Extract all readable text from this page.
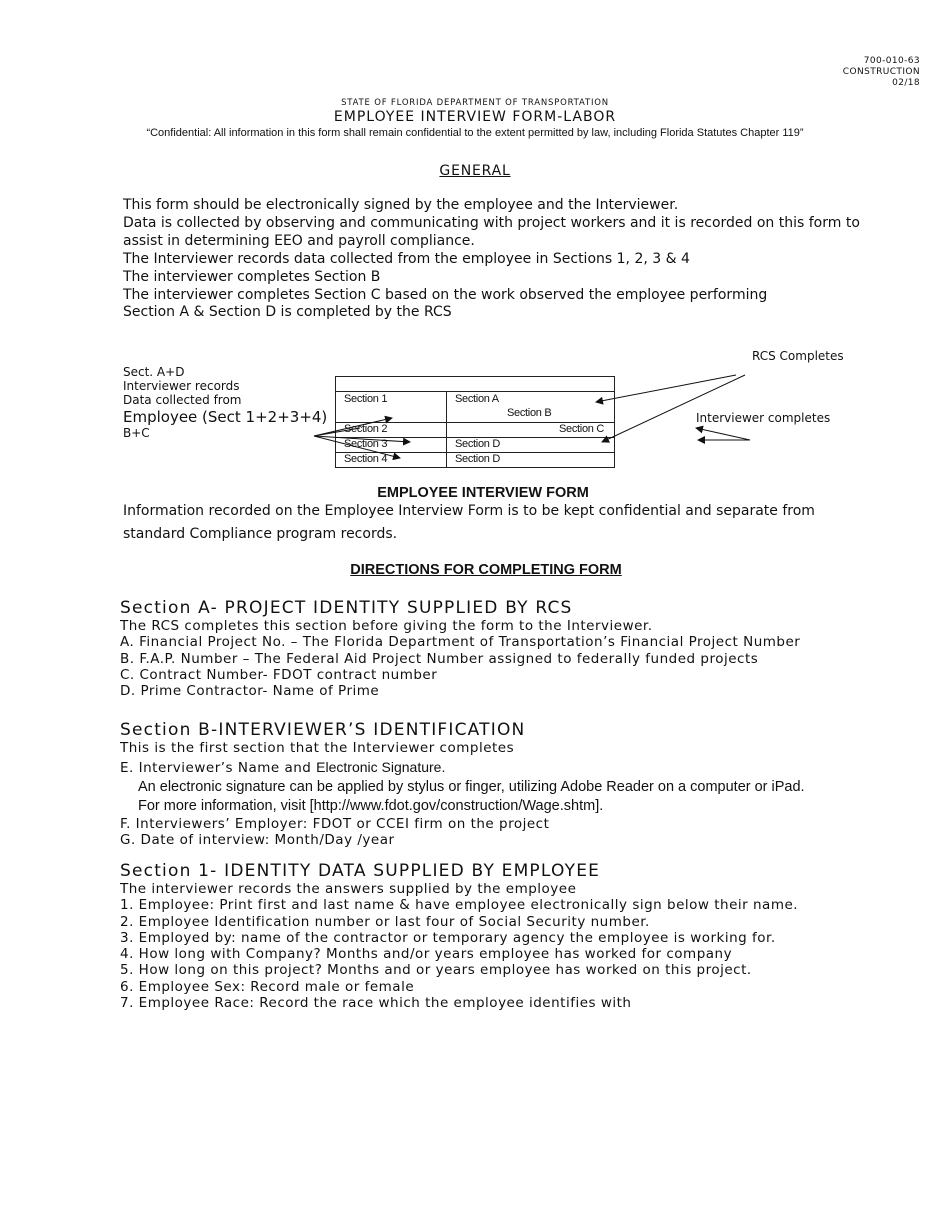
700-010-63
CONSTRUCTION
02/18
STATE OF FLORIDA DEPARTMENT OF TRANSPORTATION
EMPLOYEE INTERVIEW FORM-LABOR
“Confidential: All information in this form shall remain confidential to the extent permitted by law, including Florida Statutes Chapter 119”
GENERAL
This form should be electronically signed by the employee and the Interviewer.
Data is collected by observing and communicating with project workers and it is recorded on this form to
assist in determining EEO and payroll compliance.
The Interviewer records data collected from the employee in Sections 1, 2, 3 & 4
The interviewer completes Section B
The interviewer completes Section C based on the work observed the employee performing
Section A & Section D is completed by the RCS
Sect. A+D
Interviewer records
Data collected from
Employee (Sect 1+2+3+4)
B+C
RCS Completes
Interviewer completes
Section 1	Section A
Section B
Section 2	Section C
Section 3	Section D
Section 4	Section D
EMPLOYEE INTERVIEW FORM
Information recorded on the Employee Interview Form is to be kept confidential and separate from
standard Compliance program records.
DIRECTIONS FOR COMPLETING FORM
Section A- PROJECT IDENTITY SUPPLIED BY RCS
The RCS completes this section before giving the form to the Interviewer.
A. Financial Project No. – The Florida Department of Transportation’s Financial Project Number
B. F.A.P. Number – The Federal Aid Project Number assigned to federally funded projects
C. Contract Number- FDOT contract number
D. Prime Contractor- Name of Prime
Section B-INTERVIEWER’S IDENTIFICATION
This is the first section that the Interviewer completes
E. Interviewer’s Name and Electronic Signature.
An electronic signature can be applied by stylus or finger, utilizing Adobe Reader on a computer or iPad.
For more information, visit [http://www.fdot.gov/construction/Wage.shtm].
F. Interviewers’ Employer: FDOT or CCEI firm on the project
G. Date of interview: Month/Day /year
Section 1- IDENTITY DATA SUPPLIED BY EMPLOYEE
The interviewer records the answers supplied by the employee
1. Employee: Print first and last name & have employee electronically sign below their name.
2. Employee Identification number or last four of Social Security number.
3. Employed by: name of the contractor or temporary agency the employee is working for.
4. How long with Company? Months and/or years employee has worked for company
5. How long on this project? Months and or years employee has worked on this project.
6. Employee Sex: Record male or female
7. Employee Race: Record the race which the employee identifies with
